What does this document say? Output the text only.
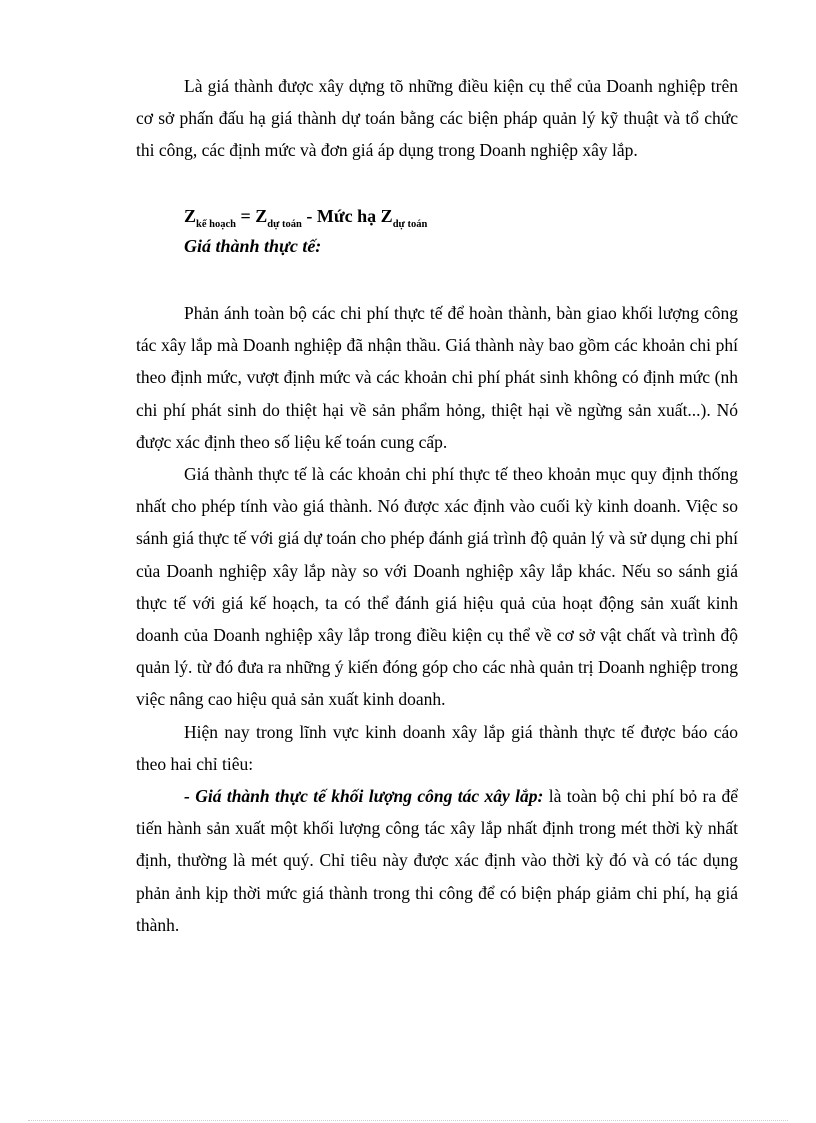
Là giá thành được xây dựng tõ những điều kiện cụ thể của Doanh nghiệp trên cơ sở phấn đấu hạ giá thành dự toán bằng các biện pháp quản lý kỹ thuật và tổ chức thi công, các định mức và đơn giá áp dụng trong Doanh nghiệp xây lắp.

$Z_{kế hoạch} = Z_{dự toán}$ - Mức hạ $Z_{dự toán}$
Giá thành thực tế:

Phản ánh toàn bộ các chi phí thực tế để hoàn thành, bàn giao khối lượng công tác xây lắp mà Doanh nghiệp đã nhận thầu. Giá thành này bao gồm các khoản chi phí theo định mức, vượt định mức và các khoản chi phí phát sinh không có định mức (nh chi phí phát sinh do thiệt hại về sản phẩm hỏng, thiệt hại về ngừng sản xuất...). Nó được xác định theo số liệu kế toán cung cấp.

Giá thành thực tế là các khoản chi phí thực tế theo khoản mục quy định thống nhất cho phép tính vào giá thành. Nó được xác định vào cuối kỳ kinh doanh. Việc so sánh giá thực tế với giá dự toán cho phép đánh giá trình độ quản lý và sử dụng chi phí của Doanh nghiệp xây lắp này so với Doanh nghiệp xây lắp khác. Nếu so sánh giá thực tế với giá kế hoạch, ta có thể đánh giá hiệu quả của hoạt động sản xuất kinh doanh của Doanh nghiệp xây lắp trong điều kiện cụ thể về cơ sở vật chất và trình độ quản lý. từ đó đưa ra những ý kiến đóng góp cho các nhà quản trị Doanh nghiệp trong việc nâng cao hiệu quả sản xuất kinh doanh.

Hiện nay trong lĩnh vực kinh doanh xây lắp giá thành thực tế được báo cáo theo hai chỉ tiêu:

- Giá thành thực tế khối lượng công tác xây lắp: là toàn bộ chi phí bỏ ra để tiến hành sản xuất một khối lượng công tác xây lắp nhất định trong mét thời kỳ nhất định, thường là mét quý. Chỉ tiêu này được xác định vào thời kỳ đó và có tác dụng phản ảnh kịp thời mức giá thành trong thi công để có biện pháp giảm chi phí, hạ giá thành.
